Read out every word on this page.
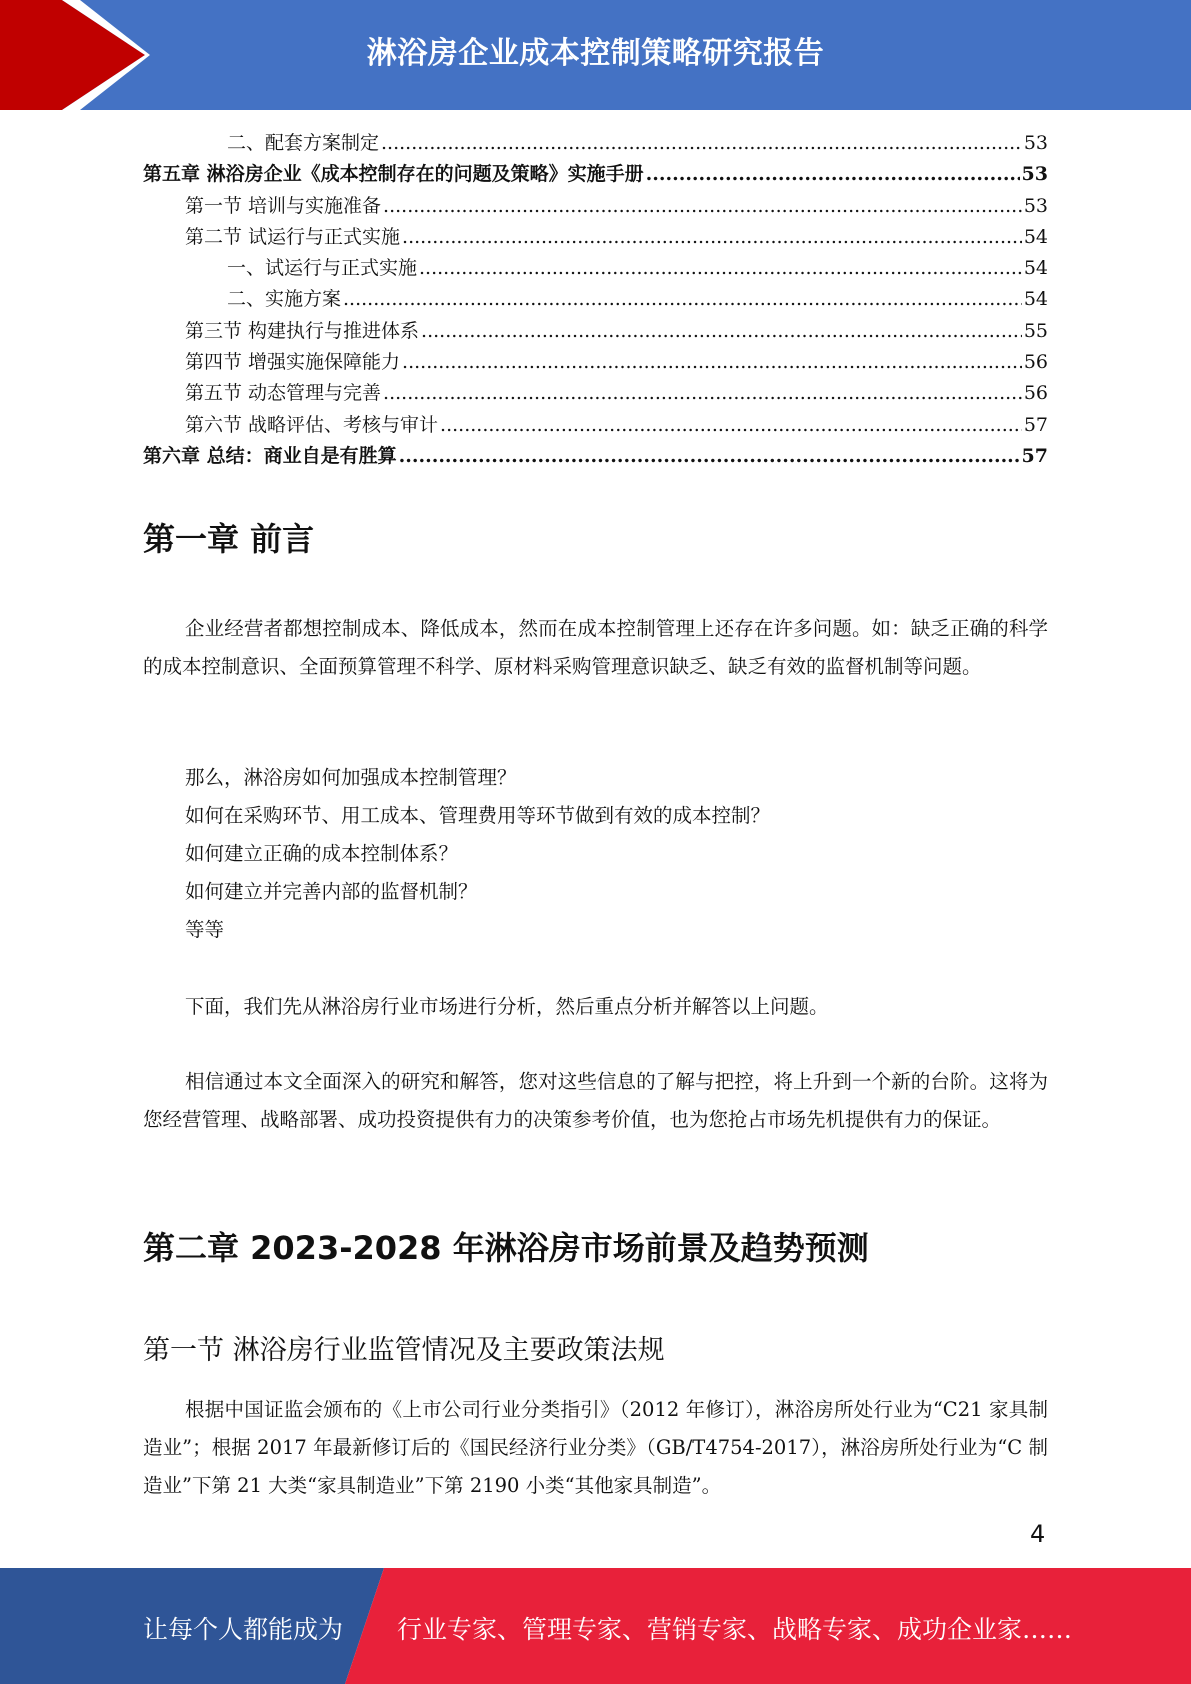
淋浴房企业成本控制策略研究报告
二、配套方案制定 .....	53
第五章 淋浴房企业《成本控制存在的问题及策略》实施手册 .....	53
第一节 培训与实施准备 .....	53
第二节 试运行与正式实施 .....	54
一、试运行与正式实施 .....	54
二、实施方案 .....	54
第三节 构建执行与推进体系 .....	55
第四节 增强实施保障能力 .....	56
第五节 动态管理与完善 .....	56
第六节 战略评估、考核与审计 .....	57
第六章 总结：商业自是有胜算 .....	57
第一章 前言

企业经营者都想控制成本、降低成本，然而在成本控制管理上还存在许多问题。如：缺乏正确的科学的成本控制意识、全面预算管理不科学、原材料采购管理意识缺乏、缺乏有效的监督机制等问题。

那么，淋浴房如何加强成本控制管理？
如何在采购环节、用工成本、管理费用等环节做到有效的成本控制？
如何建立正确的成本控制体系？
如何建立并完善内部的监督机制？
等等

下面，我们先从淋浴房行业市场进行分析，然后重点分析并解答以上问题。

相信通过本文全面深入的研究和解答，您对这些信息的了解与把控，将上升到一个新的台阶。这将为您经营管理、战略部署、成功投资提供有力的决策参考价值，也为您抢占市场先机提供有力的保证。

第二章 2023-2028 年淋浴房市场前景及趋势预测
第一节 淋浴房行业监管情况及主要政策法规

根据中国证监会颁布的《上市公司行业分类指引》（2012 年修订），淋浴房所处行业为“C21 家具制造业”；根据 2017 年最新修订后的《国民经济行业分类》（GB/T4754-2017），淋浴房所处行业为“C 制造业”下第 21 大类“家具制造业”下第 2190 小类“其他家具制造”。

4
让每个人都能成为 行业专家、管理专家、营销专家、战略专家、成功企业家……
